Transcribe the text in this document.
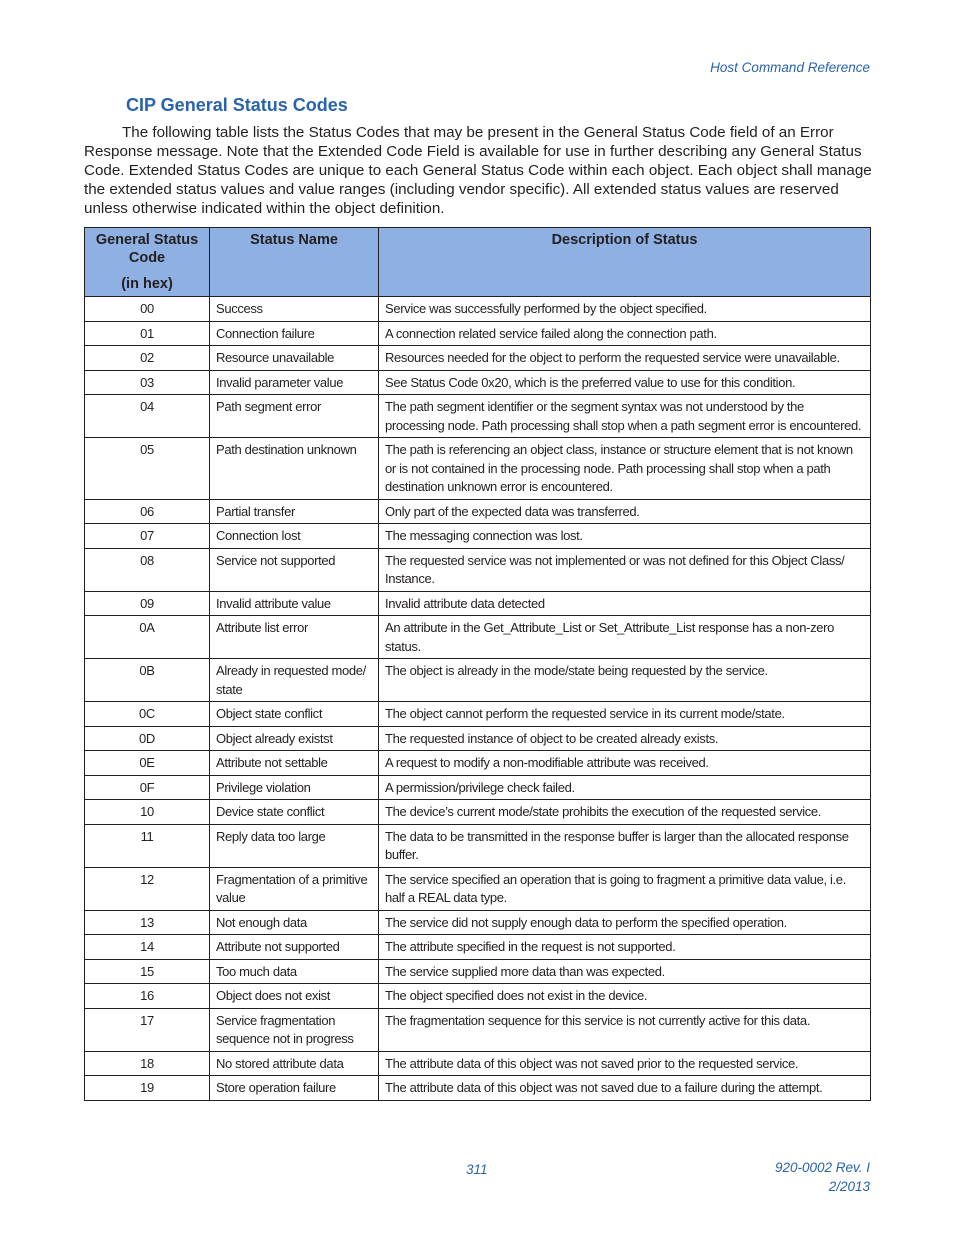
Host Command Reference
CIP General Status Codes

The following table lists the Status Codes that may be present in the General Status Code field of an Error Response message. Note that the Extended Code Field is available for use in further describing any General Status Code. Extended Status Codes are unique to each General Status Code within each object. Each object shall manage the extended status values and value ranges (including vendor specific). All extended status values are reserved unless otherwise indicated within the object definition.

General Status Code
(in hex)	Status Name	Description of Status
00	Success	Service was successfully performed by the object specified.
01	Connection failure	A connection related service failed along the connection path.
02	Resource unavailable	Resources needed for the object to perform the requested service were unavailable.
03	Invalid parameter value	See Status Code 0x20, which is the preferred value to use for this condition.
04	Path segment error	The path segment identifier or the segment syntax was not understood by the processing node. Path processing shall stop when a path segment error is encountered.
05	Path destination unknown	The path is referencing an object class, instance or structure element that is not known or is not contained in the processing node. Path processing shall stop when a path destination unknown error is encountered.
06	Partial transfer	Only part of the expected data was transferred.
07	Connection lost	The messaging connection was lost.
08	Service not supported	The requested service was not implemented or was not defined for this Object Class/ Instance.
09	Invalid attribute value	Invalid attribute data detected
0A	Attribute list error	An attribute in the Get_Attribute_List or Set_Attribute_List response has a non-zero status.
0B	Already in requested mode/ state	The object is already in the mode/state being requested by the service.
0C	Object state conflict	The object cannot perform the requested service in its current mode/state.
0D	Object already existst	The requested instance of object to be created already exists.
0E	Attribute not settable	A request to modify a non-modifiable attribute was received.
0F	Privilege violation	A permission/privilege check failed.
10	Device state conflict	The device’s current mode/state prohibits the execution of the requested service.
11	Reply data too large	The data to be transmitted in the response buffer is larger than the allocated response buffer.
12	Fragmentation of a primitive value	The service specified an operation that is going to fragment a primitive data value, i.e. half a REAL data type.
13	Not enough data	The service did not supply enough data to perform the specified operation.
14	Attribute not supported	The attribute specified in the request is not supported.
15	Too much data	The service supplied more data than was expected.
16	Object does not exist	The object specified does not exist in the device.
17	Service fragmentation sequence not in progress	The fragmentation sequence for this service is not currently active for this data.
18	No stored attribute data	The attribute data of this object was not saved prior to the requested service.
19	Store operation failure	The attribute data of this object was not saved due to a failure during the attempt.
311	920-0002 Rev. I
2/2013
